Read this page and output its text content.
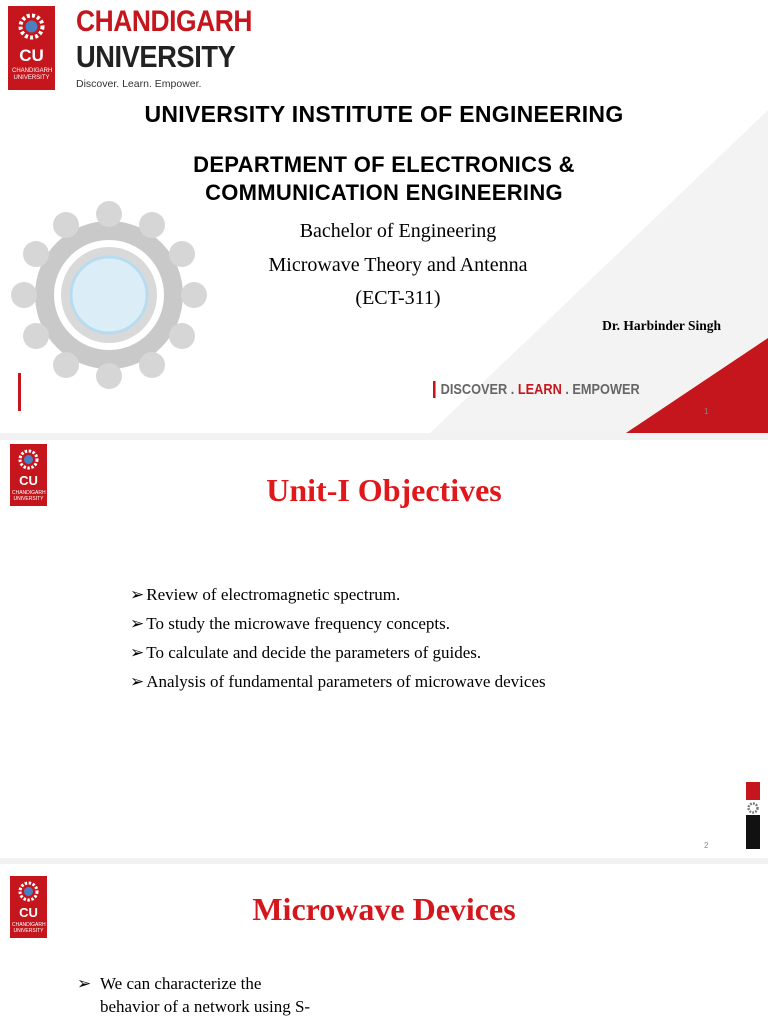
CU
CHANDIGARH UNIVERSITY
CHANDIGARH
UNIVERSITY
Discover. Learn. Empower.
UNIVERSITY INSTITUTE OF ENGINEERING
DEPARTMENT OF ELECTRONICS &
COMMUNICATION ENGINEERING
Bachelor of Engineering
Microwave Theory and Antenna
(ECT-311)
Dr. Harbinder Singh
DISCOVER . LEARN . EMPOWER
1
CU
CHANDIGARH UNIVERSITY
2
Unit-I Objectives
➢ Review of electromagnetic spectrum.
➢ To study the microwave frequency concepts.
➢ To calculate and decide the parameters of guides.
➢ Analysis of fundamental parameters of microwave devices
CU
CHANDIGARH UNIVERSITY
Microwave Devices
➢ We can characterize the
behavior of a network using S-
